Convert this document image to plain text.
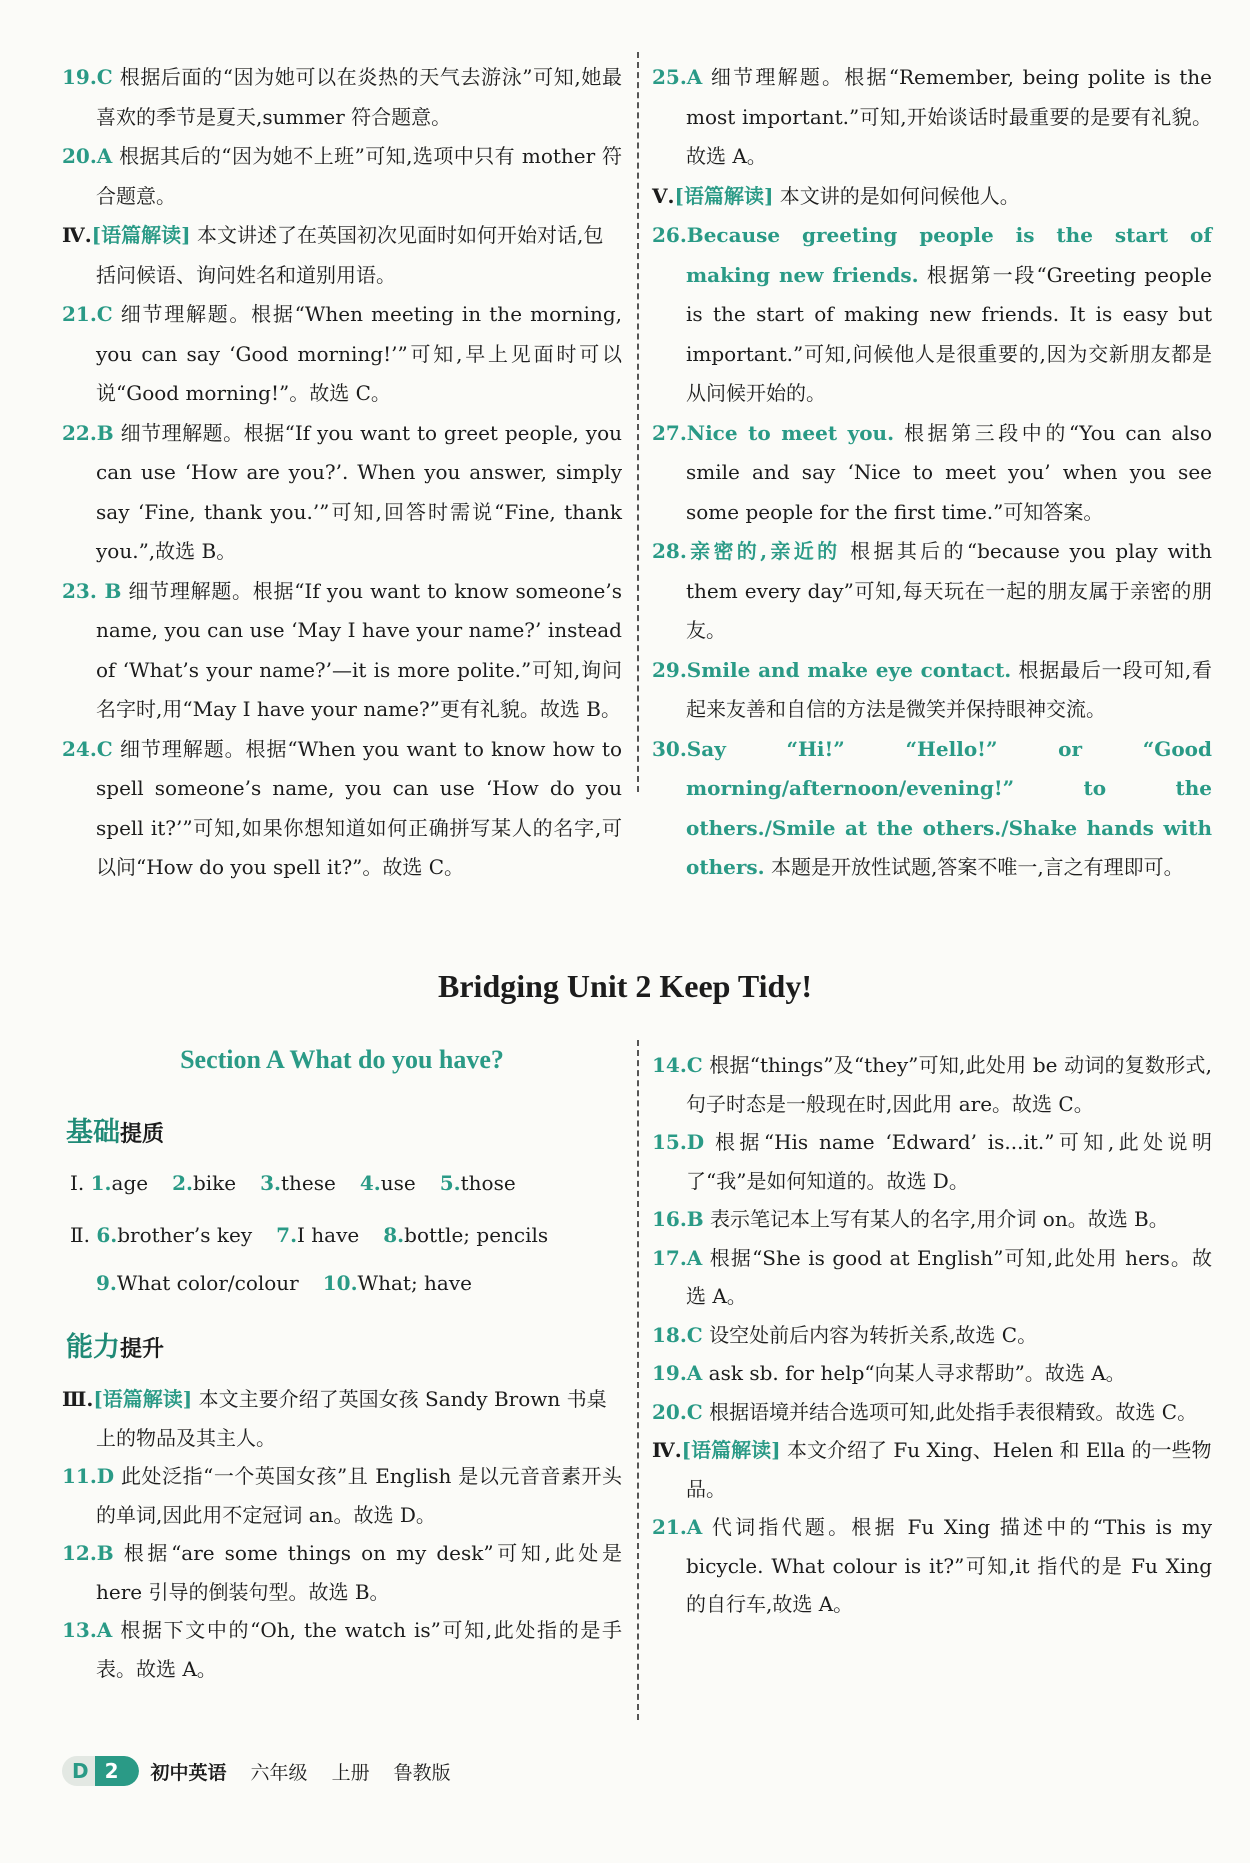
19.C 根据后面的“因为她可以在炎热的天气去游泳”可知,她最喜欢的季节是夏天,summer 符合题意。

20.A 根据其后的“因为她不上班”可知,选项中只有 mother 符合题意。

Ⅳ.[语篇解读] 本文讲述了在英国初次见面时如何开始对话,包括问候语、询问姓名和道别用语。

21.C 细节理解题。根据“When meeting in the morning, you can say ‘Good morning!’”可知,早上见面时可以说“Good morning!”。故选 C。

22.B 细节理解题。根据“If you want to greet people, you can use ‘How are you?’. When you answer, simply say ‘Fine, thank you.’”可知,回答时需说“Fine, thank you.”,故选 B。

23. B 细节理解题。根据“If you want to know someone’s name, you can use ‘May I have your name?’ instead of ‘What’s your name?’—it is more polite.”可知,询问名字时,用“May I have your name?”更有礼貌。故选 B。

24.C 细节理解题。根据“When you want to know how to spell someone’s name, you can use ‘How do you spell it?’”可知,如果你想知道如何正确拼写某人的名字,可以问“How do you spell it?”。故选 C。

25.A 细节理解题。根据“Remember, being polite is the most important.”可知,开始谈话时最重要的是要有礼貌。故选 A。

Ⅴ.[语篇解读] 本文讲的是如何问候他人。

26.Because greeting people is the start of making new friends. 根据第一段“Greeting people is the start of making new friends. It is easy but important.”可知,问候他人是很重要的,因为交新朋友都是从问候开始的。

27.Nice to meet you. 根据第三段中的“You can also smile and say ‘Nice to meet you’ when you see some people for the first time.”可知答案。

28.亲密的,亲近的 根据其后的“because you play with them every day”可知,每天玩在一起的朋友属于亲密的朋友。

29.Smile and make eye contact. 根据最后一段可知,看起来友善和自信的方法是微笑并保持眼神交流。

30.Say “Hi!” “Hello!” or “Good morning/afternoon/evening!” to the others./Smile at the others./Shake hands with others. 本题是开放性试题,答案不唯一,言之有理即可。

Bridging Unit 2 Keep Tidy!
Section A What do you have?
基础提质
Ⅰ. 1.age 2.bike 3.these 4.use 5.those
Ⅱ. 6.brother’s key 7.I have 8.bottle; pencils
9.What color/colour 10.What; have
能力提升

Ⅲ.[语篇解读] 本文主要介绍了英国女孩 Sandy Brown 书桌上的物品及其主人。

11.D 此处泛指“一个英国女孩”且 English 是以元音音素开头的单词,因此用不定冠词 an。故选 D。

12.B 根据“are some things on my desk”可知,此处是 here 引导的倒装句型。故选 B。

13.A 根据下文中的“Oh, the watch is”可知,此处指的是手表。故选 A。

14.C 根据“things”及“they”可知,此处用 be 动词的复数形式,句子时态是一般现在时,因此用 are。故选 C。

15.D 根据“His name ‘Edward’ is...it.”可知,此处说明了“我”是如何知道的。故选 D。

16.B 表示笔记本上写有某人的名字,用介词 on。故选 B。

17.A 根据“She is good at English”可知,此处用 hers。故选 A。

18.C 设空处前后内容为转折关系,故选 C。

19.A ask sb. for help“向某人寻求帮助”。故选 A。

20.C 根据语境并结合选项可知,此处指手表很精致。故选 C。

Ⅳ.[语篇解读] 本文介绍了 Fu Xing、Helen 和 Ella 的一些物品。

21.A 代词指代题。根据 Fu Xing 描述中的“This is my bicycle. What colour is it?”可知,it 指代的是 Fu Xing 的自行车,故选 A。

D 2	初中英语 六年级 上册 鲁教版
